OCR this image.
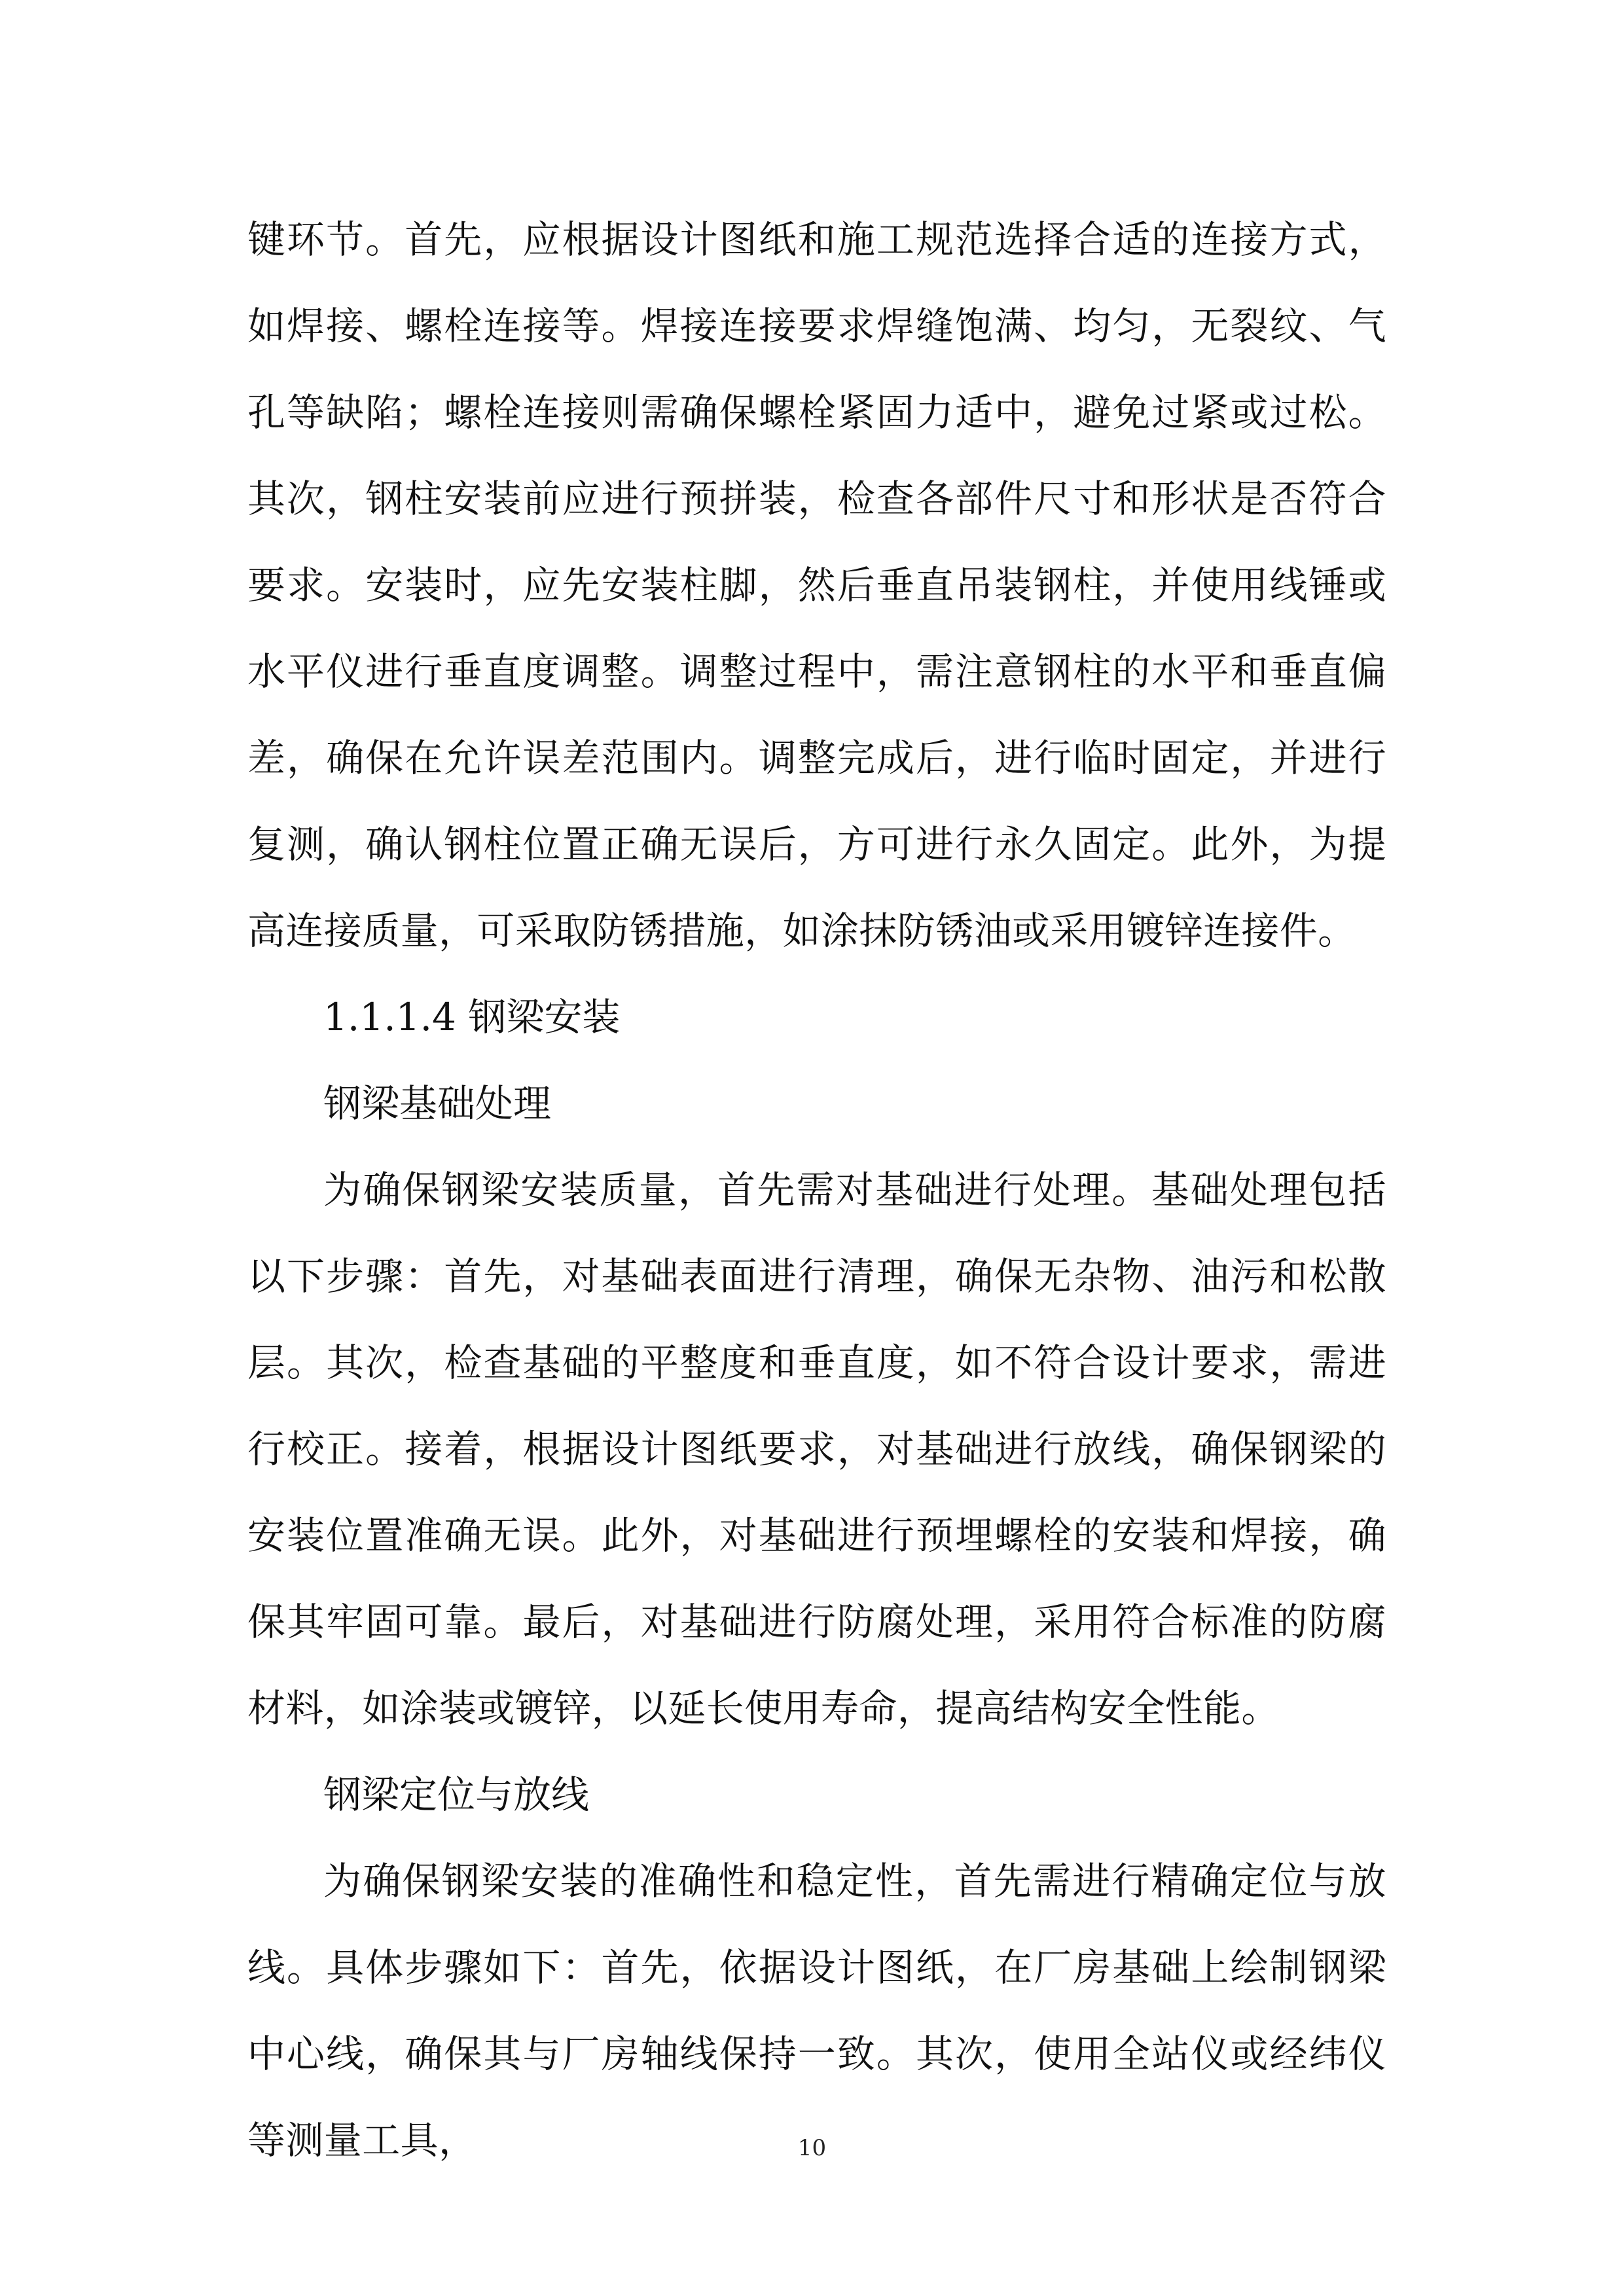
键环节。首先，应根据设计图纸和施工规范选择合适的连接方式，如焊接、螺栓连接等。焊接连接要求焊缝饱满、均匀，无裂纹、气孔等缺陷；螺栓连接则需确保螺栓紧固力适中，避免过紧或过松。其次，钢柱安装前应进行预拼装，检查各部件尺寸和形状是否符合要求。安装时，应先安装柱脚，然后垂直吊装钢柱，并使用线锤或水平仪进行垂直度调整。调整过程中，需注意钢柱的水平和垂直偏差，确保在允许误差范围内。调整完成后，进行临时固定，并进行复测，确认钢柱位置正确无误后，方可进行永久固定。此外，为提高连接质量，可采取防锈措施，如涂抹防锈油或采用镀锌连接件。

1.1.1.4 钢梁安装

钢梁基础处理

为确保钢梁安装质量，首先需对基础进行处理。基础处理包括以下步骤：首先，对基础表面进行清理，确保无杂物、油污和松散层。其次，检查基础的平整度和垂直度，如不符合设计要求，需进行校正。接着，根据设计图纸要求，对基础进行放线，确保钢梁的安装位置准确无误。此外，对基础进行预埋螺栓的安装和焊接，确保其牢固可靠。最后，对基础进行防腐处理，采用符合标准的防腐材料，如涂装或镀锌，以延长使用寿命，提高结构安全性能。

钢梁定位与放线

为确保钢梁安装的准确性和稳定性，首先需进行精确定位与放线。具体步骤如下：首先，依据设计图纸，在厂房基础上绘制钢梁中心线，确保其与厂房轴线保持一致。其次，使用全站仪或经纬仪等测量工具，	10
